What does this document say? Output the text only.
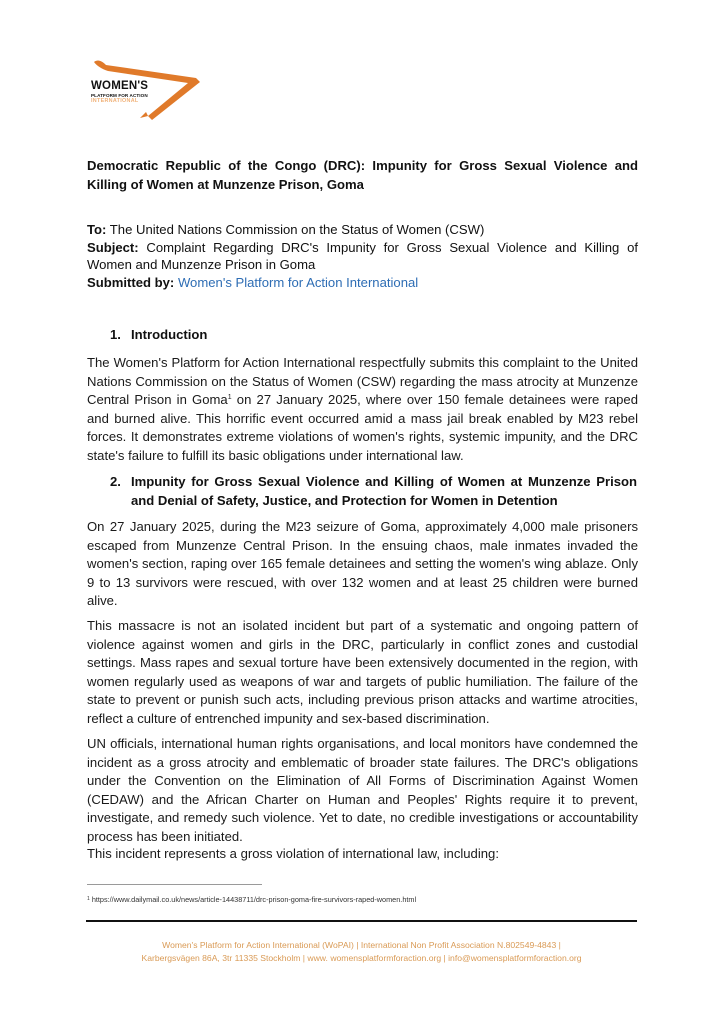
WOMEN'S
PLATFORM FOR ACTION
INTERNATIONAL
Democratic Republic of the Congo (DRC): Impunity for Gross Sexual Violence and Killing of Women at Munzenze Prison, Goma
To: The United Nations Commission on the Status of Women (CSW)
Subject: Complaint Regarding DRC's Impunity for Gross Sexual Violence and Killing of Women and Munzenze Prison in Goma
Submitted by: Women's Platform for Action International
1. Introduction

The Women's Platform for Action International respectfully submits this complaint to the United Nations Commission on the Status of Women (CSW) regarding the mass atrocity at Munzenze Central Prison in Goma$^1$ on 27 January 2025, where over 150 female detainees were raped and burned alive. This horrific event occurred amid a mass jail break enabled by M23 rebel forces. It demonstrates extreme violations of women's rights, systemic impunity, and the DRC state's failure to fulfill its basic obligations under international law.

2. Impunity for Gross Sexual Violence and Killing of Women at Munzenze Prison and Denial of Safety, Justice, and Protection for Women in Detention

On 27 January 2025, during the M23 seizure of Goma, approximately 4,000 male prisoners escaped from Munzenze Central Prison. In the ensuing chaos, male inmates invaded the women's section, raping over 165 female detainees and setting the women's wing ablaze. Only 9 to 13 survivors were rescued, with over 132 women and at least 25 children were burned alive.

This massacre is not an isolated incident but part of a systematic and ongoing pattern of violence against women and girls in the DRC, particularly in conflict zones and custodial settings. Mass rapes and sexual torture have been extensively documented in the region, with women regularly used as weapons of war and targets of public humiliation. The failure of the state to prevent or punish such acts, including previous prison attacks and wartime atrocities, reflect a culture of entrenched impunity and sex-based discrimination.

UN officials, international human rights organisations, and local monitors have condemned the incident as a gross atrocity and emblematic of broader state failures. The DRC's obligations under the Convention on the Elimination of All Forms of Discrimination Against Women (CEDAW) and the African Charter on Human and Peoples' Rights require it to prevent, investigate, and remedy such violence. Yet to date, no credible investigations or accountability process has been initiated.

This incident represents a gross violation of international law, including:

$^1$ https://www.dailymail.co.uk/news/article-14438711/drc-prison-goma-fire-survivors-raped-women.html
Women's Platform for Action International (WoPAI) | International Non Profit Association N.802549-4843 |
Karbergsvägen 86A, 3tr 11335 Stockholm | www. womensplatformforaction.org | info@womensplatformforaction.org
